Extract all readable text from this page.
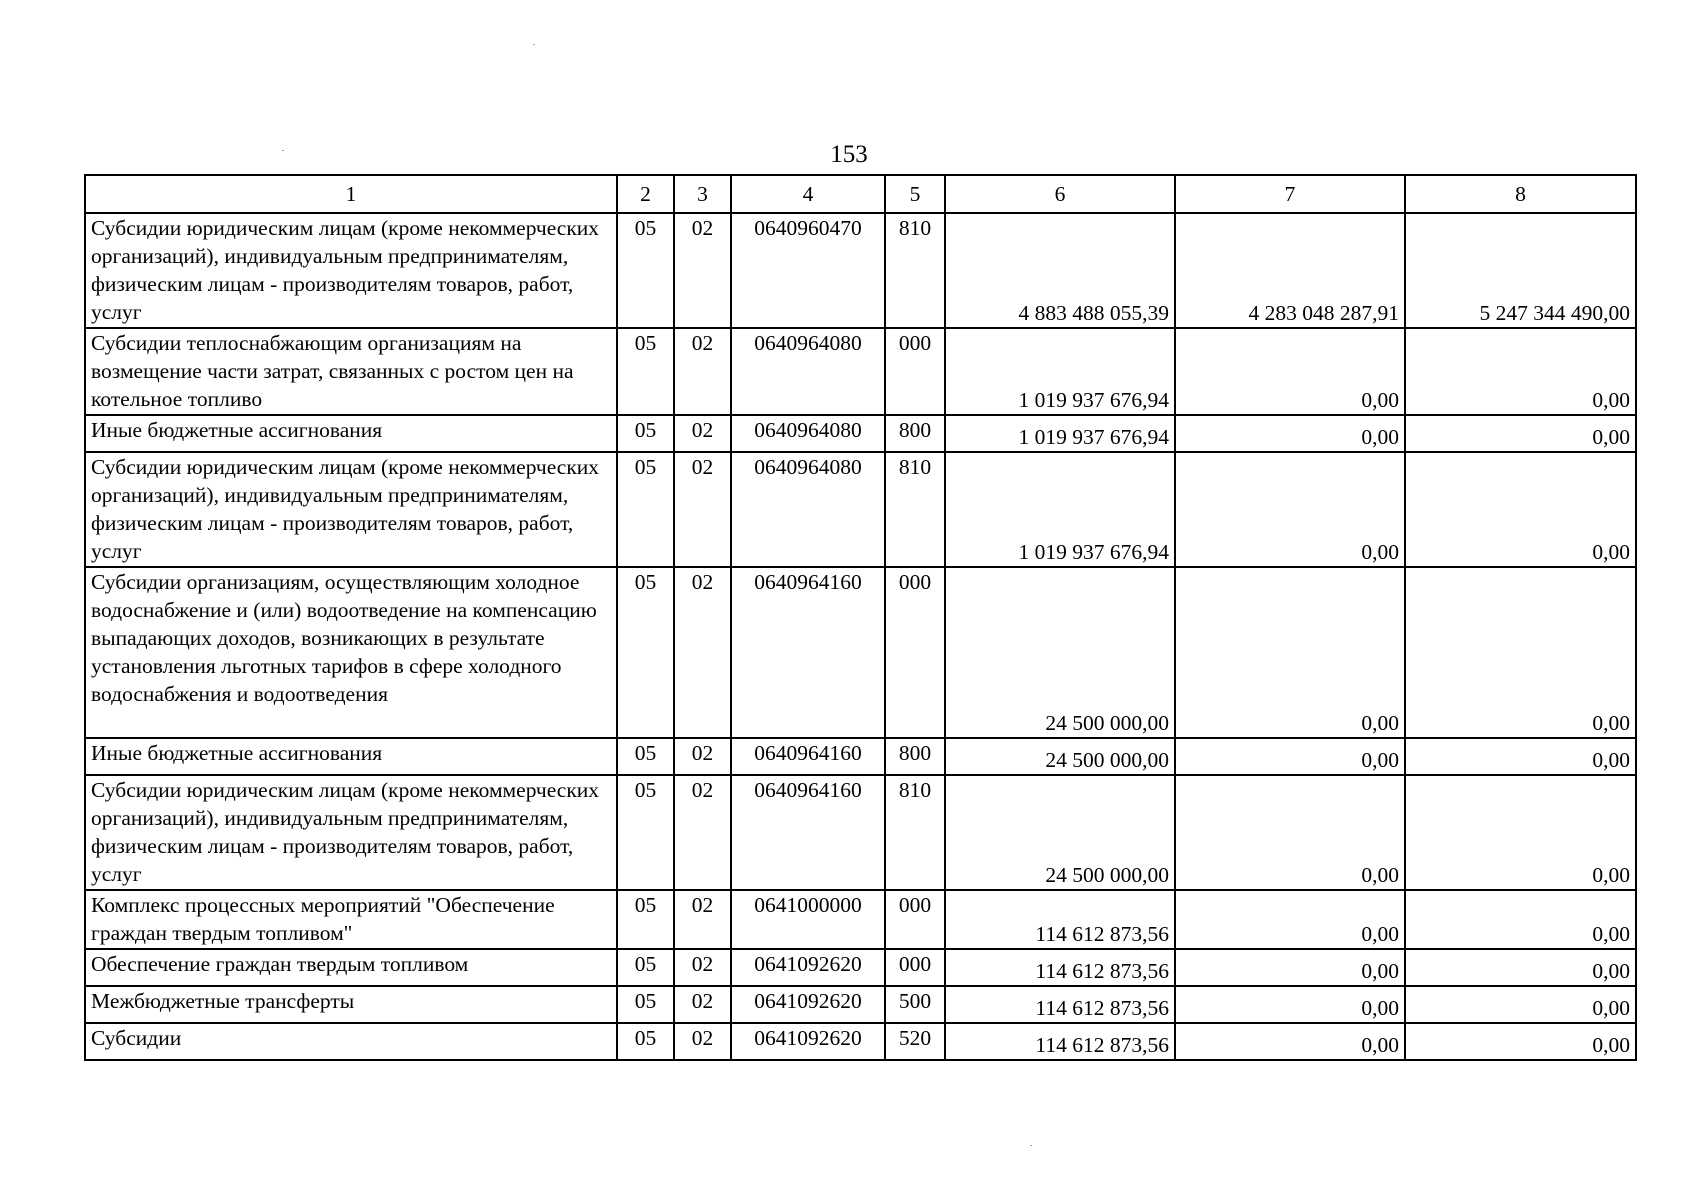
153
1	2	3	4	5	6	7	8
Субсидии юридическим лицам (кроме некоммерческих организаций), индивидуальным предпринимателям, физическим лицам - производителям товаров, работ, услуг	05	02	0640960470	810	4 883 488 055,39	4 283 048 287,91	5 247 344 490,00
Субсидии теплоснабжающим организациям на возмещение части затрат, связанных с ростом цен на котельное топливо	05	02	0640964080	000	1 019 937 676,94	0,00	0,00
Иные бюджетные ассигнования	05	02	0640964080	800	1 019 937 676,94	0,00	0,00
Субсидии юридическим лицам (кроме некоммерческих организаций), индивидуальным предпринимателям, физическим лицам - производителям товаров, работ, услуг	05	02	0640964080	810	1 019 937 676,94	0,00	0,00
Субсидии организациям, осуществляющим холодное водоснабжение и (или) водоотведение на компенсацию выпадающих доходов, возникающих в результате установления льготных тарифов в сфере холодного водоснабжения и водоотведения	05	02	0640964160	000	24 500 000,00	0,00	0,00
Иные бюджетные ассигнования	05	02	0640964160	800	24 500 000,00	0,00	0,00
Субсидии юридическим лицам (кроме некоммерческих организаций), индивидуальным предпринимателям, физическим лицам - производителям товаров, работ, услуг	05	02	0640964160	810	24 500 000,00	0,00	0,00
Комплекс процессных мероприятий "Обеспечение граждан твердым топливом"	05	02	0641000000	000	114 612 873,56	0,00	0,00
Обеспечение граждан твердым топливом	05	02	0641092620	000	114 612 873,56	0,00	0,00
Межбюджетные трансферты	05	02	0641092620	500	114 612 873,56	0,00	0,00
Субсидии	05	02	0641092620	520	114 612 873,56	0,00	0,00
